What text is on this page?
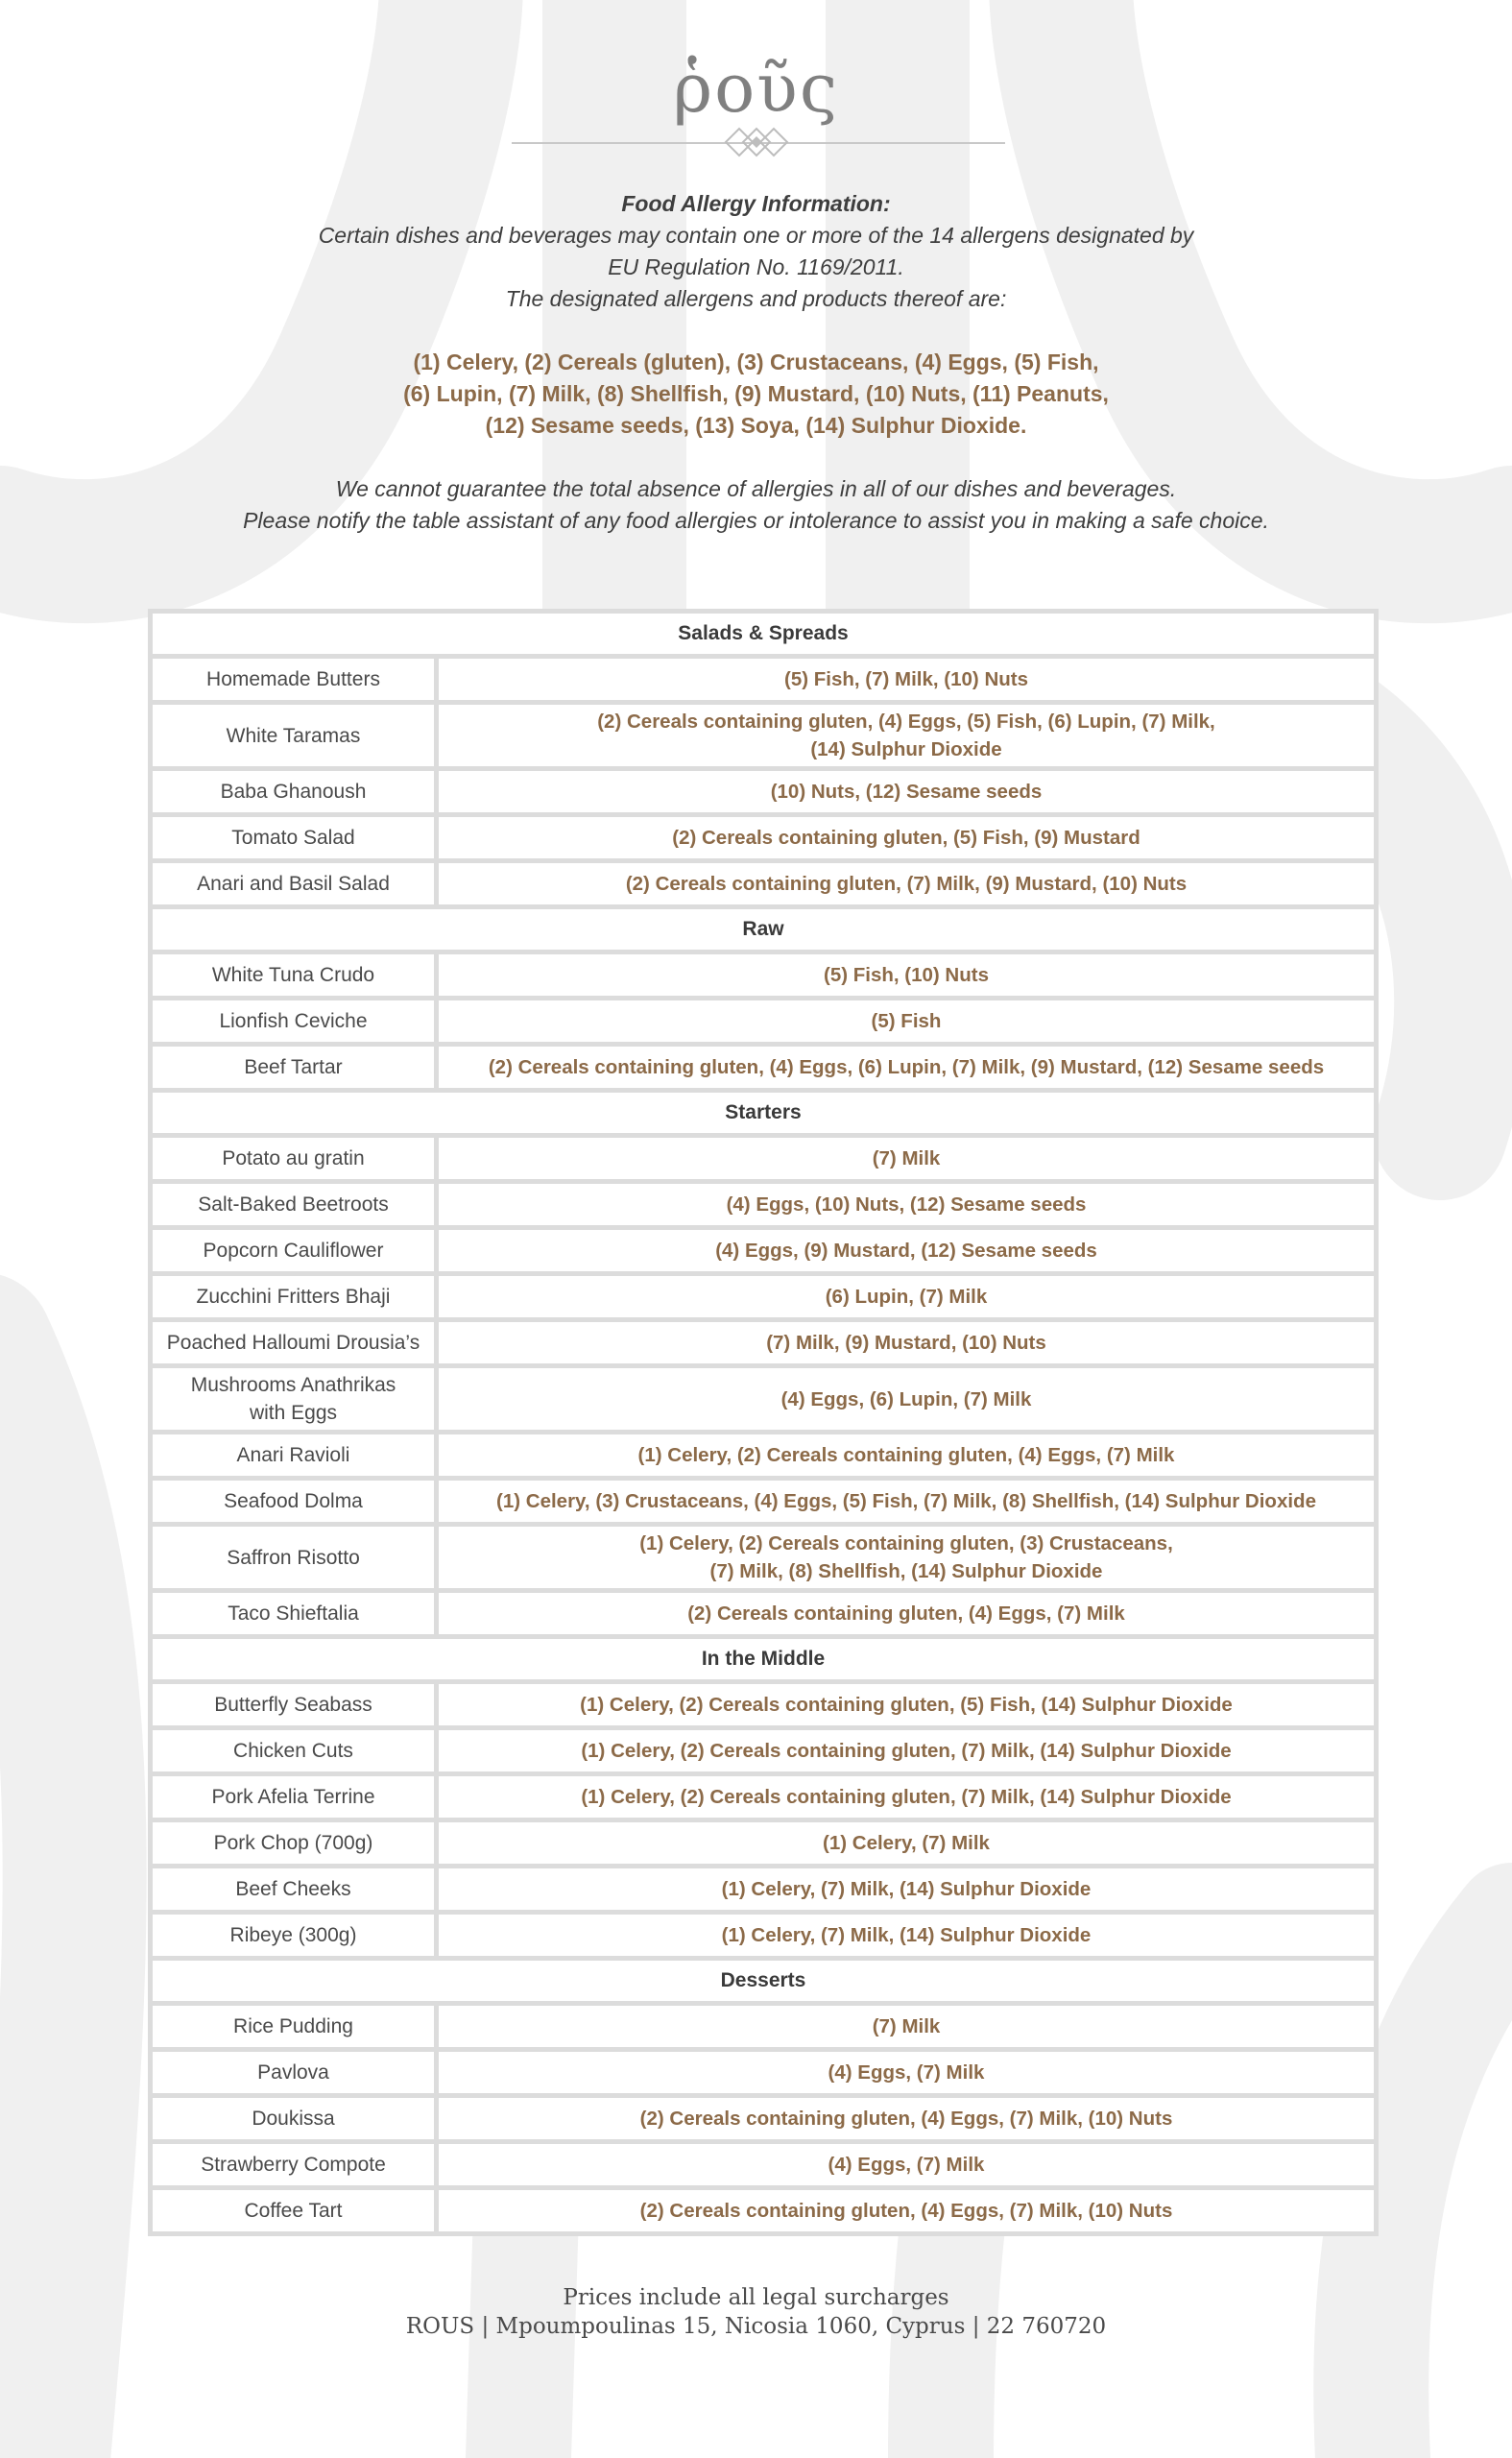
ῥοῦς

Food Allergy Information:

Certain dishes and beverages may contain one or more of the 14 allergens designated by

EU Regulation No. 1169/2011.

The designated allergens and products thereof are:

(1) Celery, (2) Cereals (gluten), (3) Crustaceans, (4) Eggs, (5) Fish,

(6) Lupin, (7) Milk, (8) Shellfish, (9) Mustard, (10) Nuts, (11) Peanuts,

(12) Sesame seeds, (13) Soya, (14) Sulphur Dioxide.

We cannot guarantee the total absence of allergies in all of our dishes and beverages.

Please notify the table assistant of any food allergies or intolerance to assist you in making a safe choice.

Salads & Spreads	
Homemade Butters	(5) Fish, (7) Milk, (10) Nuts
White Taramas	(2) Cereals containing gluten, (4) Eggs, (5) Fish, (6) Lupin, (7) Milk,
(14) Sulphur Dioxide

Baba Ghanoush	(10) Nuts, (12) Sesame seeds
Tomato Salad	(2) Cereals containing gluten, (5) Fish, (9) Mustard
Anari and Basil Salad	(2) Cereals containing gluten, (7) Milk, (9) Mustard, (10) Nuts
Raw	
White Tuna Crudo	(5) Fish, (10) Nuts
Lionfish Ceviche	(5) Fish
Beef Tartar	(2) Cereals containing gluten, (4) Eggs, (6) Lupin, (7) Milk, (9) Mustard, (12) Sesame seeds
Starters	
Potato au gratin	(7) Milk
Salt-Baked Beetroots	(4) Eggs, (10) Nuts, (12) Sesame seeds
Popcorn Cauliflower	(4) Eggs, (9) Mustard, (12) Sesame seeds
Zucchini Fritters Bhaji	(6) Lupin, (7) Milk
Poached Halloumi Drousia’s	(7) Milk, (9) Mustard, (10) Nuts

Mushrooms Anathrikas
with Eggs	(4) Eggs, (6) Lupin, (7) Milk
Anari Ravioli	(1) Celery, (2) Cereals containing gluten, (4) Eggs, (7) Milk
Seafood Dolma	(1) Celery, (3) Crustaceans, (4) Eggs, (5) Fish, (7) Milk, (8) Shellfish, (14) Sulphur Dioxide
Saffron Risotto	(1) Celery, (2) Cereals containing gluten, (3) Crustaceans,
(7) Milk, (8) Shellfish, (14) Sulphur Dioxide

Taco Shieftalia	(2) Cereals containing gluten, (4) Eggs, (7) Milk
In the Middle	
Butterfly Seabass	(1) Celery, (2) Cereals containing gluten, (5) Fish, (14) Sulphur Dioxide
Chicken Cuts	(1) Celery, (2) Cereals containing gluten, (7) Milk, (14) Sulphur Dioxide
Pork Afelia Terrine	(1) Celery, (2) Cereals containing gluten, (7) Milk, (14) Sulphur Dioxide
Pork Chop (700g)	(1) Celery, (7) Milk
Beef Cheeks	(1) Celery, (7) Milk, (14) Sulphur Dioxide
Ribeye (300g)	(1) Celery, (7) Milk, (14) Sulphur Dioxide
Desserts	
Rice Pudding	(7) Milk
Pavlova	(4) Eggs, (7) Milk
Doukissa	(2) Cereals containing gluten, (4) Eggs, (7) Milk, (10) Nuts
Strawberry Compote	(4) Eggs, (7) Milk
Coffee Tart	(2) Cereals containing gluten, (4) Eggs, (7) Milk, (10) Nuts

Prices include all legal surcharges

ROUS | Mpoumpoulinas 15, Nicosia 1060, Cyprus | 22 760720
